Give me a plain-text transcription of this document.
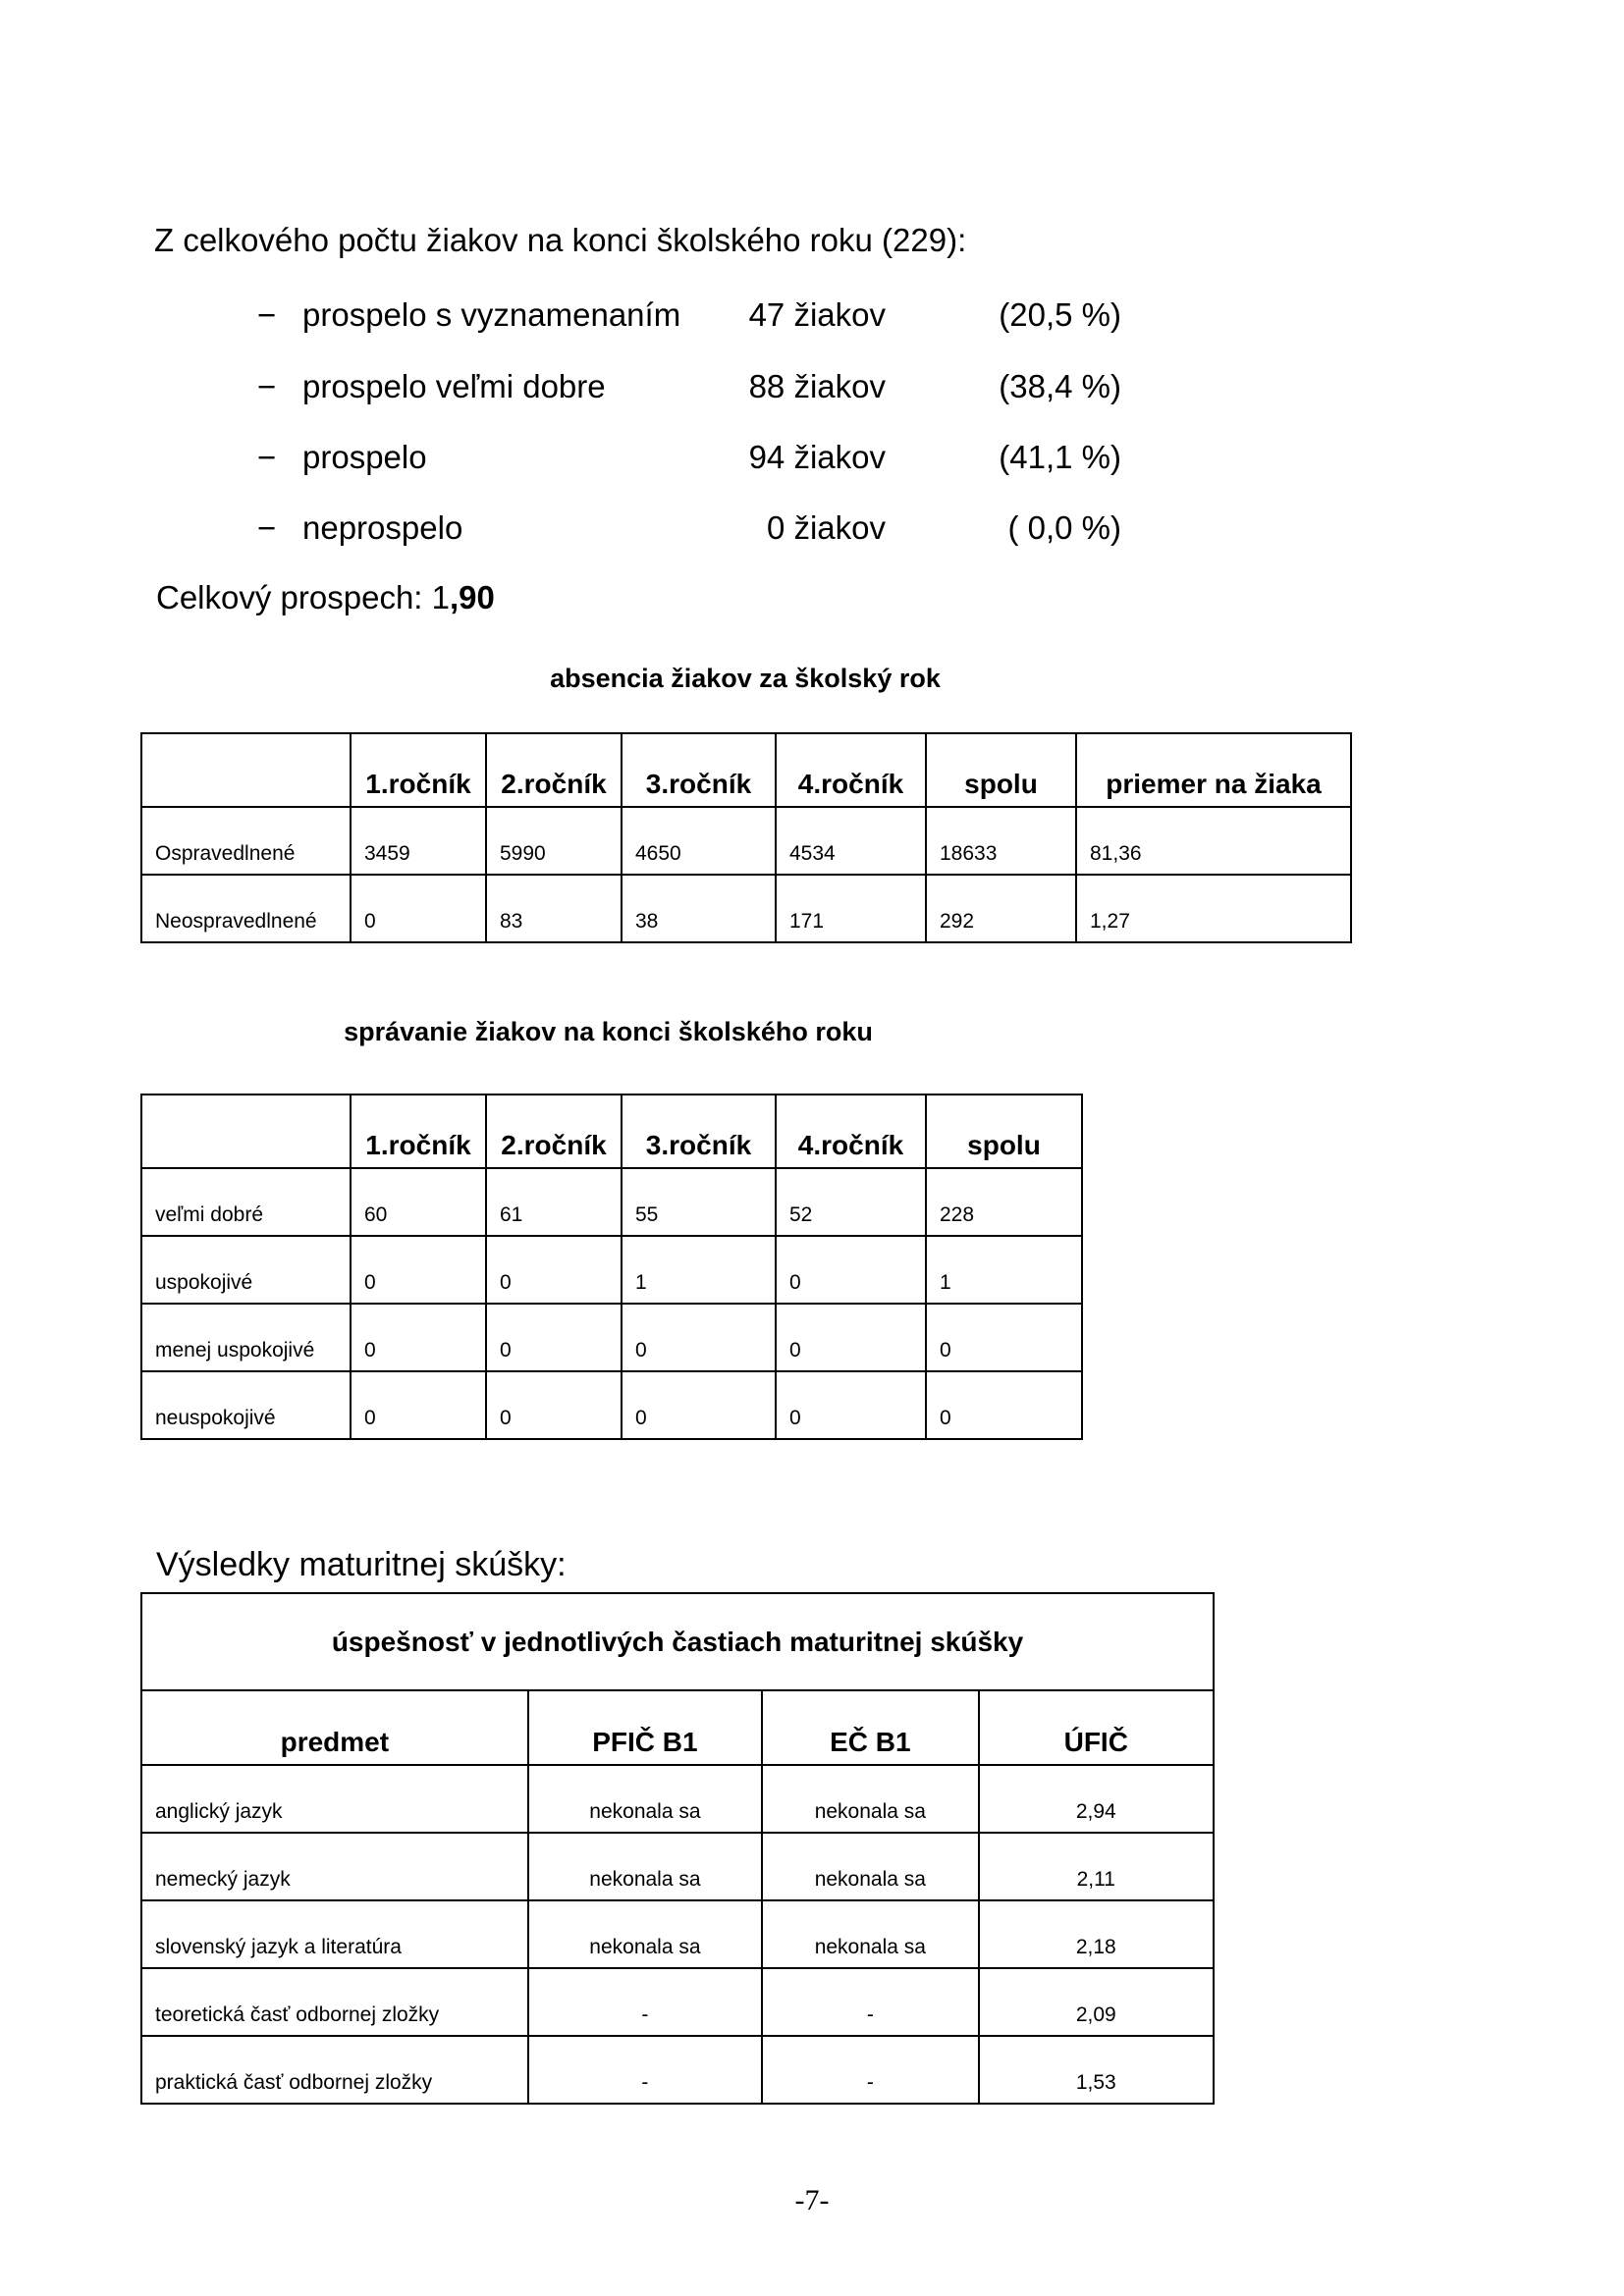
Z celkového počtu žiakov na konci školského roku (229):
− prospelo s vyznamenaním	47 žiakov	(20,5 %)
− prospelo veľmi dobre	88 žiakov	(38,4 %)
− prospelo	94 žiakov	(41,1 %)
− neprospelo	0 žiakov	( 0,0 %)
Celkový prospech: 1,90
absencia žiakov za školský rok
	1.ročník	2.ročník	3.ročník	4.ročník	spolu	priemer na žiaka
Ospravedlnené	3459	5990	4650	4534	18633	81,36
Neospravedlnené	0	83	38	171	292	1,27
správanie žiakov na konci školského roku
	1.ročník	2.ročník	3.ročník	4.ročník	spolu
veľmi dobré	60	61	55	52	228
uspokojivé	0	0	1	0	1
menej uspokojivé	0	0	0	0	0
neuspokojivé	0	0	0	0	0
Výsledky maturitnej skúšky:
úspešnosť v jednotlivých častiach maturitnej skúšky			
predmet	PFIČ B1	EČ B1	ÚFIČ
anglický jazyk	nekonala sa	nekonala sa	2,94
nemecký jazyk	nekonala sa	nekonala sa	2,11
slovenský jazyk a literatúra	nekonala sa	nekonala sa	2,18
teoretická časť odbornej zložky	-	-	2,09
praktická časť odbornej zložky	-	-	1,53
-7-
